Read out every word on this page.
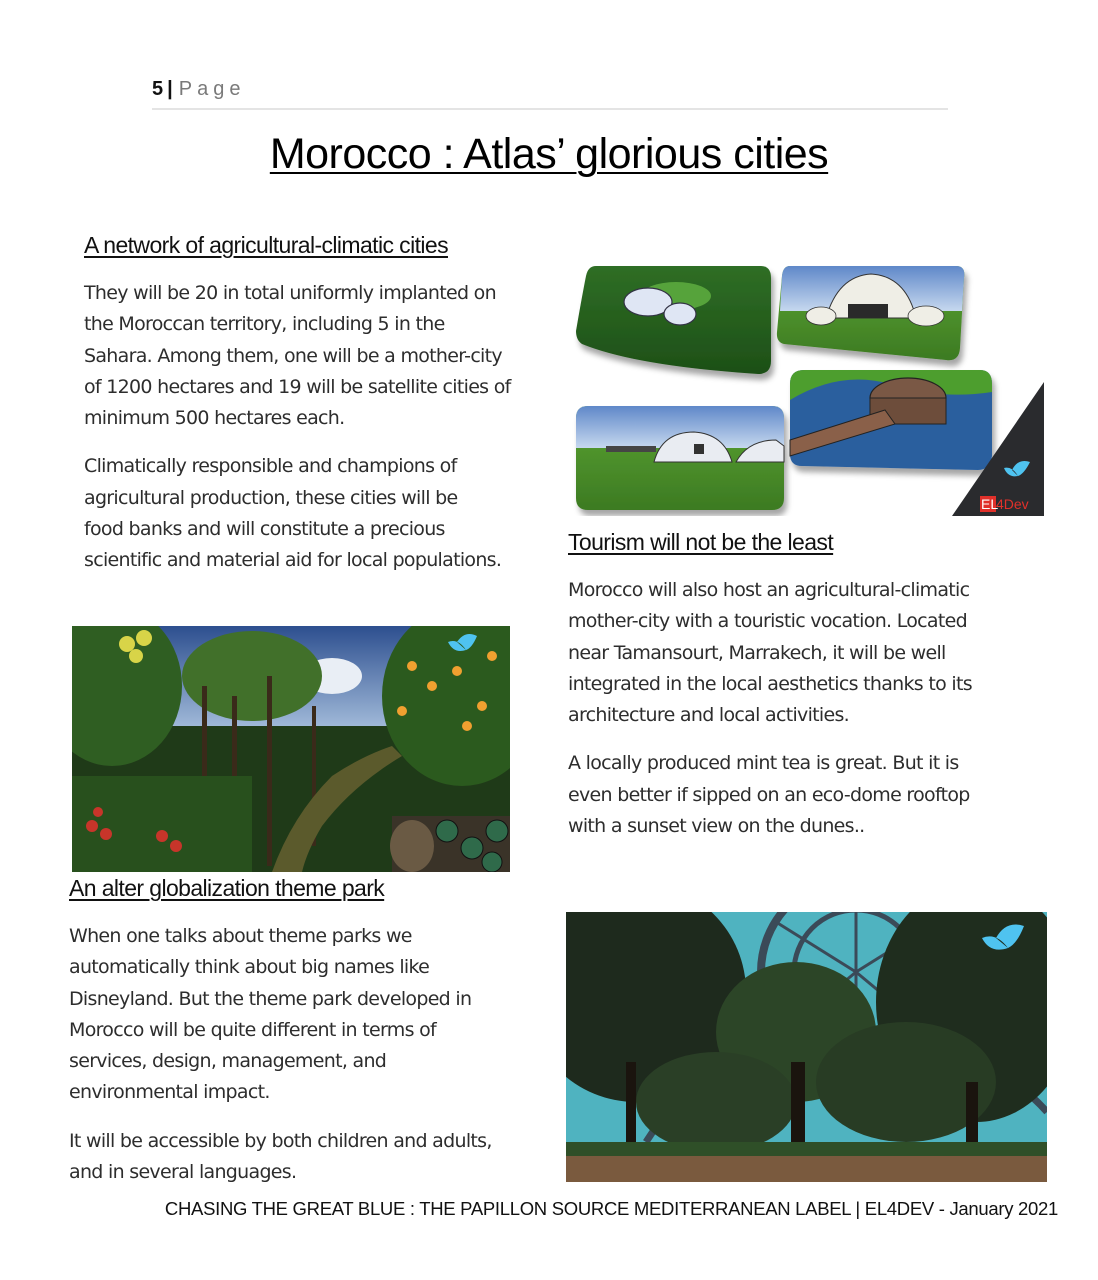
5 | Page
Morocco : Atlas’ glorious cities
A network of agricultural-climatic cities

They will be 20 in total uniformly implanted on

the Moroccan territory, including 5 in the

Sahara. Among them, one will be a mother-city

of 1200 hectares and 19 will be satellite cities of

minimum 500 hectares each.

Climatically responsible and champions of

agricultural production, these cities will be

food banks and will constitute a precious

scientific and material aid for local populations.

EL
4Dev
Tourism will not be the least

Morocco will also host an agricultural-climatic

mother-city with a touristic vocation. Located

near Tamansourt, Marrakech, it will be well

integrated in the local aesthetics thanks to its

architecture and local activities.

A locally produced mint tea is great. But it is

even better if sipped on an eco-dome rooftop

with a sunset view on the dunes..

An alter globalization theme park

When one talks about theme parks we

automatically think about big names like

Disneyland. But the theme park developed in

Morocco will be quite different in terms of

services, design, management, and

environmental impact.

It will be accessible by both children and adults,

and in several languages.

CHASING THE GREAT BLUE : THE PAPILLON SOURCE MEDITERRANEAN LABEL | EL4DEV - January 2021
